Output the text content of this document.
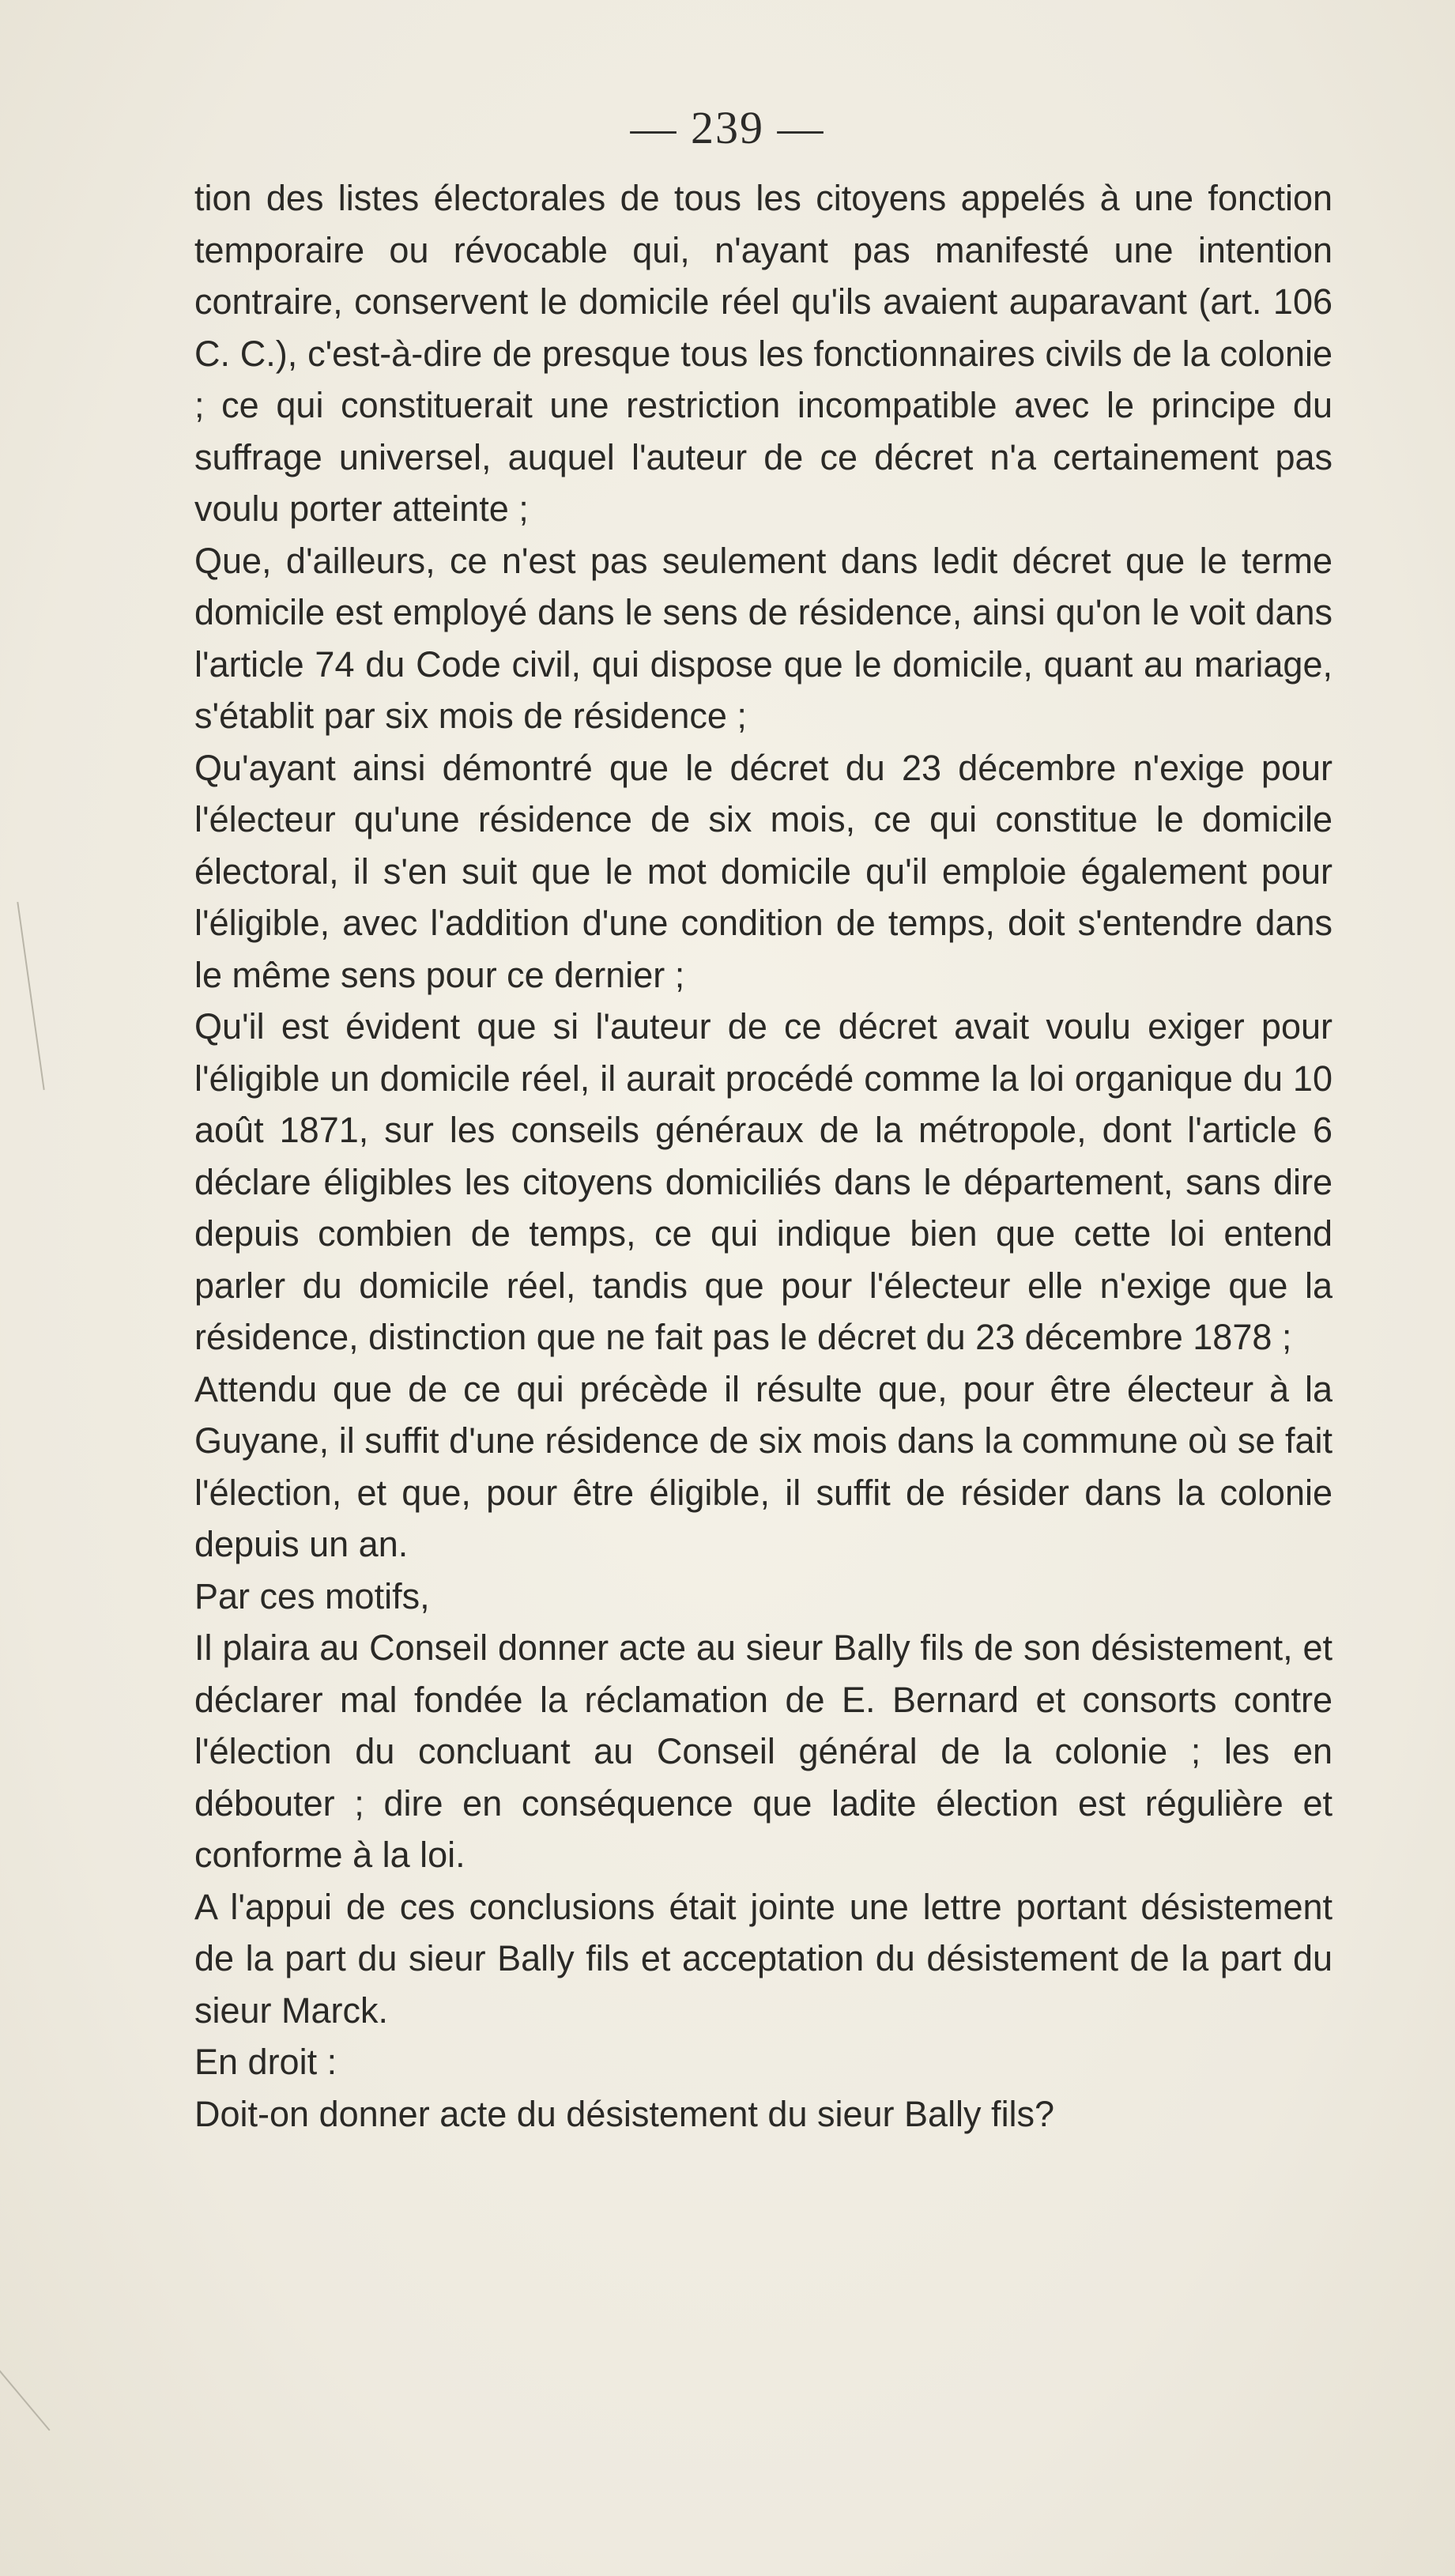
— 239 —

tion des listes électorales de tous les citoyens appelés à une fonction temporaire ou révocable qui, n'ayant pas manifesté une intention contraire, conservent le domicile réel qu'ils avaient auparavant (art. 106 C. C.), c'est-à-dire de presque tous les fonctionnaires civils de la colonie ; ce qui constituerait une restriction incompatible avec le principe du suffrage universel, auquel l'auteur de ce décret n'a certainement pas voulu porter atteinte ;

Que, d'ailleurs, ce n'est pas seulement dans ledit décret que le terme domicile est employé dans le sens de résidence, ainsi qu'on le voit dans l'article 74 du Code civil, qui dispose que le domicile, quant au mariage, s'établit par six mois de résidence ;

Qu'ayant ainsi démontré que le décret du 23 décembre n'exige pour l'électeur qu'une résidence de six mois, ce qui constitue le domicile électoral, il s'en suit que le mot domicile qu'il emploie également pour l'éligible, avec l'addition d'une condition de temps, doit s'entendre dans le même sens pour ce dernier ;

Qu'il est évident que si l'auteur de ce décret avait voulu exiger pour l'éligible un domicile réel, il aurait procédé comme la loi organique du 10 août 1871, sur les conseils généraux de la métropole, dont l'article 6 déclare éligibles les citoyens domiciliés dans le département, sans dire depuis combien de temps, ce qui indique bien que cette loi entend parler du domicile réel, tandis que pour l'électeur elle n'exige que la résidence, distinction que ne fait pas le décret du 23 décembre 1878 ;

Attendu que de ce qui précède il résulte que, pour être électeur à la Guyane, il suffit d'une résidence de six mois dans la commune où se fait l'élection, et que, pour être éligible, il suffit de résider dans la colonie depuis un an.

Par ces motifs,

Il plaira au Conseil donner acte au sieur Bally fils de son désistement, et déclarer mal fondée la réclamation de E. Bernard et consorts contre l'élection du concluant au Conseil général de la colonie ; les en débouter ; dire en conséquence que ladite élection est régulière et conforme à la loi.

A l'appui de ces conclusions était jointe une lettre portant désistement de la part du sieur Bally fils et acceptation du désistement de la part du sieur Marck.

En droit :

Doit-on donner acte du désistement du sieur Bally fils?
